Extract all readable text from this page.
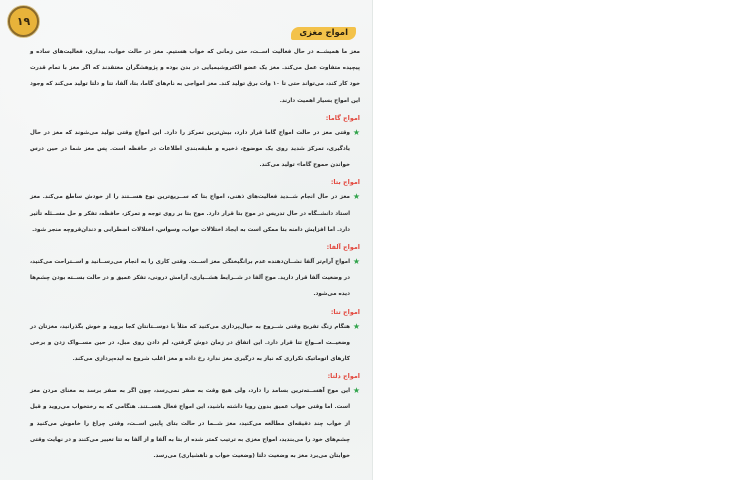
۱۹
امواج مغزی

مغز ما همیشــه در حال فعالیت اســت، حتی زمانی که خواب هستیم. مغز در حالت خواب، بیداری، فعالیت‌های ساده و پیچیده متفاوت عمل می‌کند. مغز یک عضو الکتروشیمیایی در بدن بوده و پژوهشگران معتقدند که اگر مغز با تمام قدرت خود کار کند، می‌تواند حتی تا ۱۰ وات برق تولید کند. مغز امواجی به نام‌های گاما، بتا، آلفا، تتا و دلتا تولید می‌کند که وجود این امواج بسیار اهمیت دارند.

امواج گاما:

★
وقتی مغز در حالت امواج گاما قرار دارد، بیش‌ترین تمرکز را دارد. این امواج وقتی تولید می‌شوند که مغز در حال یادگیری، تمرکز شدید روی یک موضوع، ذخیره و طبقه‌بندی اطلاعات در حافظه است. پس مغز شما در حین درس خواندن حموج گاما» تولید می‌کند.

امواج بتا:

★
مغز در حال انجام شــدید فعالیت‌های ذهنی، امواج بتا که ســریع‌ترین نوع هســتند را از خودش ساطع می‌کند. مغز استاد دانشــگاه در حال تدریس در موج بتا قرار دارد. موج بتا بر روی توجه و تمرکز، حافظه، تفکر و حل مســئله تأثیر دارد. اما افزایش دامنه بتا ممکن است به ایجاد اختلالات خواب، وسواس، اختلالات اضطرابی و دندان‌قروچه منجر شود.

امواج آلفا:

★
امواج آرام‌تر آلفا نشــان‌دهنده عدم برانگیختگی مغز اســت. وقتی کاری را به انجام می‌رســانید و اســتراحت می‌کنید، در وضعیت آلفا قرار دارید. موج آلفا در شــرایط هشــیاری، آرامش درونی، تفکر عمیق و در حالت بســته بودن چشم‌ها دیده می‌شود.

امواج تتا:

★
هنگام زنگ تفریح وقتی شــروع به خیال‌پردازی می‌کنید که مثلاً با دوســتانتان کجا بروید و خوش بگذرانید، مغزتان در وضعیــت امــواج تتا قرار دارد. این اتفاق در زمان دوش گرفتن، لم دادن روی مبل، در حین مســواک زدن و برخی کارهای اتوماتیک تکراری که نیاز به درگیری مغز ندارد رخ داده و مغز اغلب شروع به ایده‌پردازی می‌کند.

امواج دلتا:

★
این موج آهســته‌ترین بسامد را دارد، ولی هیچ وقت به صفر نمی‌رسد، چون اگر به صفر برسد به معنای مردن مغز است. اما وقتی خواب عمیق بدون رویا داشته باشید، این امواج فعال هســتند. هنگامی که به رختخواب می‌روید و قبل از خواب چند دقیقه‌ای مطالعه می‌کنید، مغز شــما در حالت بتای پایین اســت، وقتی چراغ را خاموش می‌کنید و چشم‌های خود را می‌بندید، امواج مغزی به ترتیب کمتر شده از بتا به آلفا و از آلفا به تتا تغییر می‌کنند و در نهایت وقتی خوابتان می‌برد مغز به وضعیت دلتا (وضعیت خواب و ناهشیاری) می‌رسد.
